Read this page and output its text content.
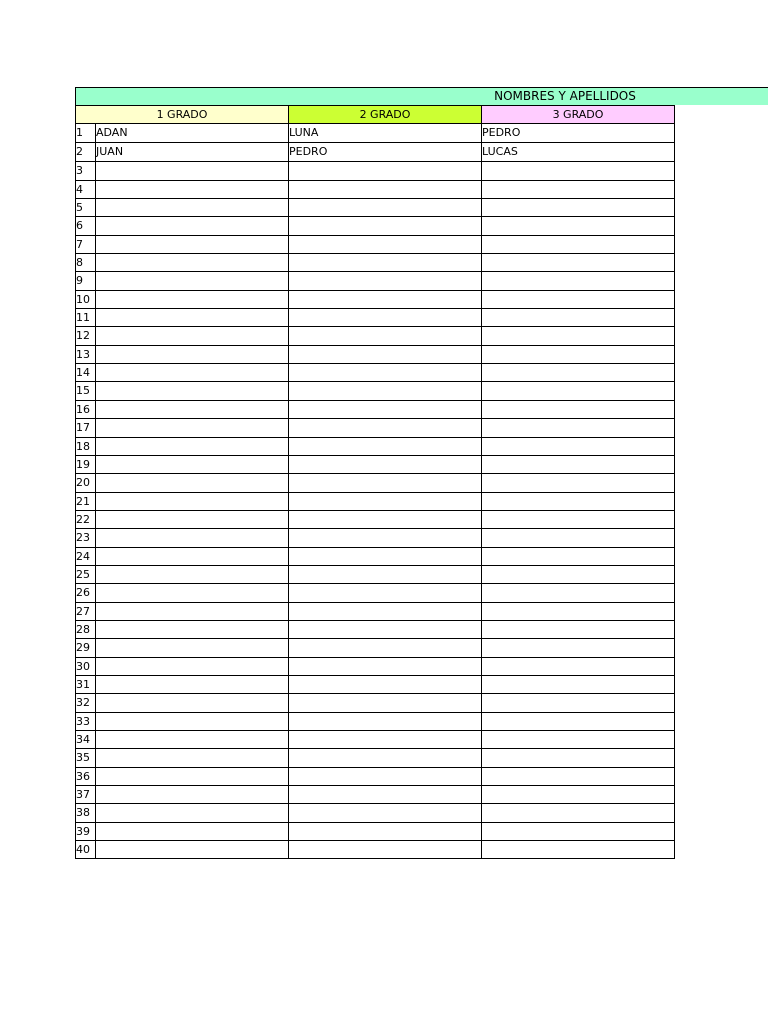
NOMBRES Y APELLIDOS
1 GRADO		2 GRADO	3 GRADO
1	ADAN	LUNA	PEDRO
2	JUAN	PEDRO	LUCAS
3			
4			
5			
6			
7			
8			
9			
10			
11			
12			
13			
14			
15			
16			
17			
18			
19			
20			
21			
22			
23			
24			
25			
26			
27			
28			
29			
30			
31			
32			
33			
34			
35			
36			
37			
38			
39			
40			
